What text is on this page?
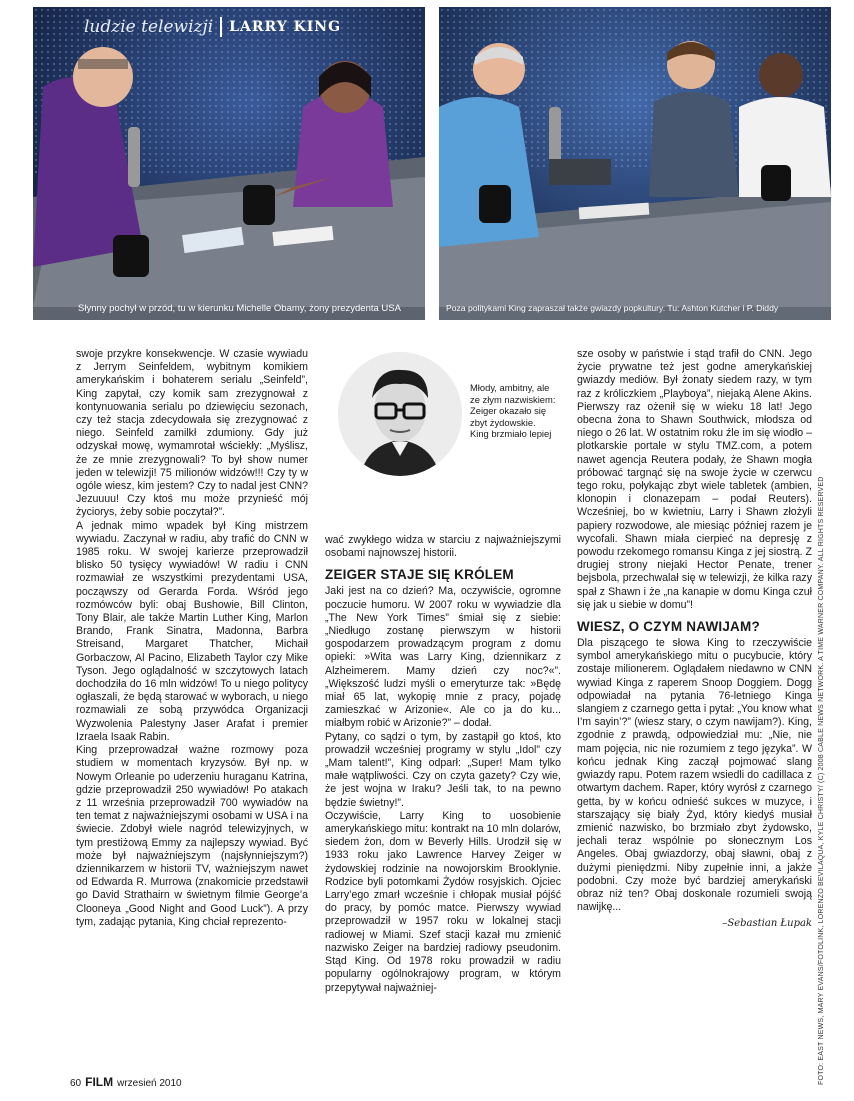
ludzie telewizji LARRY KING
Słynny pochył w przód, tu w kierunku Michelle Obamy, żony prezydenta USA	Poza politykami King zapraszał także gwiazdy popkultury. Tu: Ashton Kutcher i P. Diddy

swoje przykre konsekwencje. W czasie wywiadu z Jerrym Seinfeldem, wybitnym komikiem amerykańskim i bohaterem serialu „Seinfeld”, King zapytał, czy komik sam zrezygnował z kontynuowania serialu po dziewięciu sezonach, czy też stacja zdecydowała się zrezygnować z niego. Seinfeld zamilkł zdumiony. Gdy już odzyskał mowę, wymamrotał wściekły: „Myślisz, że ze mnie zrezygnowali? To był show numer jeden w telewizji! 75 milionów widzów!!! Czy ty w ogóle wiesz, kim jestem? Czy to nadal jest CNN? Jezuuuu! Czy ktoś mu może przynieść mój życiorys, żeby sobie poczytał?”.

A jednak mimo wpadek był King mistrzem wywiadu. Zaczynał w radiu, aby trafić do CNN w 1985 roku. W swojej karierze przeprowadził blisko 50 tysięcy wywiadów! W radiu i CNN rozmawiał ze wszystkimi prezydentami USA, począwszy od Gerarda Forda. Wśród jego rozmówców byli: obaj Bushowie, Bill Clinton, Tony Blair, ale także Martin Luther King, Marlon Brando, Frank Sinatra, Madonna, Barbra Streisand, Margaret Thatcher, Michaił Gorbaczow, Al Pacino, Elizabeth Taylor czy Mike Tyson. Jego oglądalność w szczytowych latach dochodziła do 16 mln widzów! To u niego politycy ogłaszali, że będą starować w wyborach, u niego rozmawiali ze sobą przywódca Organizacji Wyzwolenia Palestyny Jaser Arafat i premier Izraela Isaak Rabin.

King przeprowadzał ważne rozmowy poza studiem w momentach kryzysów. Był np. w Nowym Orleanie po uderzeniu huraganu Katrina, gdzie przeprowadził 250 wywiadów! Po atakach z 11 września przeprowadził 700 wywiadów na ten temat z najważniejszymi osobami w USA i na świecie. Zdobył wiele nagród telewizyjnych, w tym prestiżową Emmy za najlepszy wywiad. Być może był najważniejszym (najsłynniejszym?) dziennikarzem w historii TV, ważniejszym nawet od Edwarda R. Murrowa (znakomicie przedstawił go David Strathairn w świetnym filmie George’a Clooneya „Good Night and Good Luck”). A przy tym, zadając pytania, King chciał reprezento-

Młody, ambitny, ale ze złym nazwiskiem: Zeiger okazało się zbyt żydowskie. King brzmiało lepiej

wać zwykłego widza w starciu z najważniejszymi osobami najnowszej historii.

ZEIGER STAJE SIĘ KRÓLEM

Jaki jest na co dzień? Ma, oczywiście, ogromne poczucie humoru. W 2007 roku w wywiadzie dla „The New York Times” śmiał się z siebie: „Niedługo zostanę pierwszym w historii gospodarzem prowadzącym program z domu opieki: »Wita was Larry King, dziennikarz z Alzheimerem. Mamy dzień czy noc?«”. „Większość ludzi myśli o emeryturze tak: »Będę miał 65 lat, wykopię mnie z pracy, pojadę zamieszkać w Arizonie«. Ale co ja do ku... miałbym robić w Arizonie?” – dodał.

Pytany, co sądzi o tym, by zastąpił go ktoś, kto prowadził wcześniej programy w stylu „Idol” czy „Mam talent!”, King odparł: „Super! Mam tylko małe wątpliwości. Czy on czyta gazety? Czy wie, że jest wojna w Iraku? Jeśli tak, to na pewno będzie świetny!”.

Oczywiście, Larry King to uosobienie amerykańskiego mitu: kontrakt na 10 mln dolarów, siedem żon, dom w Beverly Hills. Urodził się w 1933 roku jako Lawrence Harvey Zeiger w żydowskiej rodzinie na nowojorskim Brooklynie. Rodzice byli potomkami Żydów rosyjskich. Ojciec Larry’ego zmarł wcześnie i chłopak musiał pójść do pracy, by pomóc matce. Pierwszy wywiad przeprowadził w 1957 roku w lokalnej stacji radiowej w Miami. Szef stacji kazał mu zmienić nazwisko Zeiger na bardziej radiowy pseudonim. Stąd King. Od 1978 roku prowadził w radiu popularny ogólnokrajowy program, w którym przepytywał najważniej-

sze osoby w państwie i stąd trafił do CNN. Jego życie prywatne też jest godne amerykańskiej gwiazdy mediów. Był żonaty siedem razy, w tym raz z króliczkiem „Playboya”, niejaką Alene Akins. Pierwszy raz ożenił się w wieku 18 lat! Jego obecna żona to Shawn Southwick, młodsza od niego o 26 lat. W ostatnim roku źle im się wiodło – plotkarskie portale w stylu TMZ.com, a potem nawet agencja Reutera podały, że Shawn mogła próbować targnąć się na swoje życie w czerwcu tego roku, połykając zbyt wiele tabletek (ambien, klonopin i clonazepam – podał Reuters). Wcześniej, bo w kwietniu, Larry i Shawn złożyli papiery rozwodowe, ale miesiąc później razem je wycofali. Shawn miała cierpieć na depresję z powodu rzekomego romansu Kinga z jej siostrą. Z drugiej strony niejaki Hector Penate, trener bejsbola, przechwalał się w telewizji, że kilka razy spał z Shawn i że „na kanapie w domu Kinga czuł się jak u siebie w domu”!

WIESZ, O CZYM NAWIJAM?

Dla piszącego te słowa King to rzeczywiście symbol amerykańskiego mitu o pucybucie, który zostaje milionerem. Oglądałem niedawno w CNN wywiad Kinga z raperem Snoop Doggiem. Dogg odpowiadał na pytania 76-letniego Kinga slangiem z czarnego getta i pytał: „You know what I’m sayin’?” (wiesz stary, o czym nawijam?). King, zgodnie z prawdą, odpowiedział mu: „Nie, nie mam pojęcia, nic nie rozumiem z tego języka”. W końcu jednak King zaczął pojmować slang gwiazdy rapu. Potem razem wsiedli do cadillaca z otwartym dachem. Raper, który wyrósł z czarnego getta, by w końcu odnieść sukces w muzyce, i starszający się biały Żyd, który kiedyś musiał zmienić nazwisko, bo brzmiało zbyt żydowsko, jechali teraz wspólnie po słonecznym Los Angeles. Obaj gwiazdorzy, obaj sławni, obaj z dużymi pieniędzmi. Niby zupełnie inni, a jakże podobni. Czy może być bardziej amerykański obraz niż ten? Obaj doskonale rozumieli swoją nawijkę...

–Sebastian Łupak
60 FILM wrzesień 2010	FOTO: EAST NEWS, MARY EVANS/FOTOLINK, LORENZO BEVILAQUA, KYLE CHRISTY/ (C) 2008 CABLE NEWS NETWORK. A TIME WARNER COMPANY. ALL RIGHTS RESERVED
